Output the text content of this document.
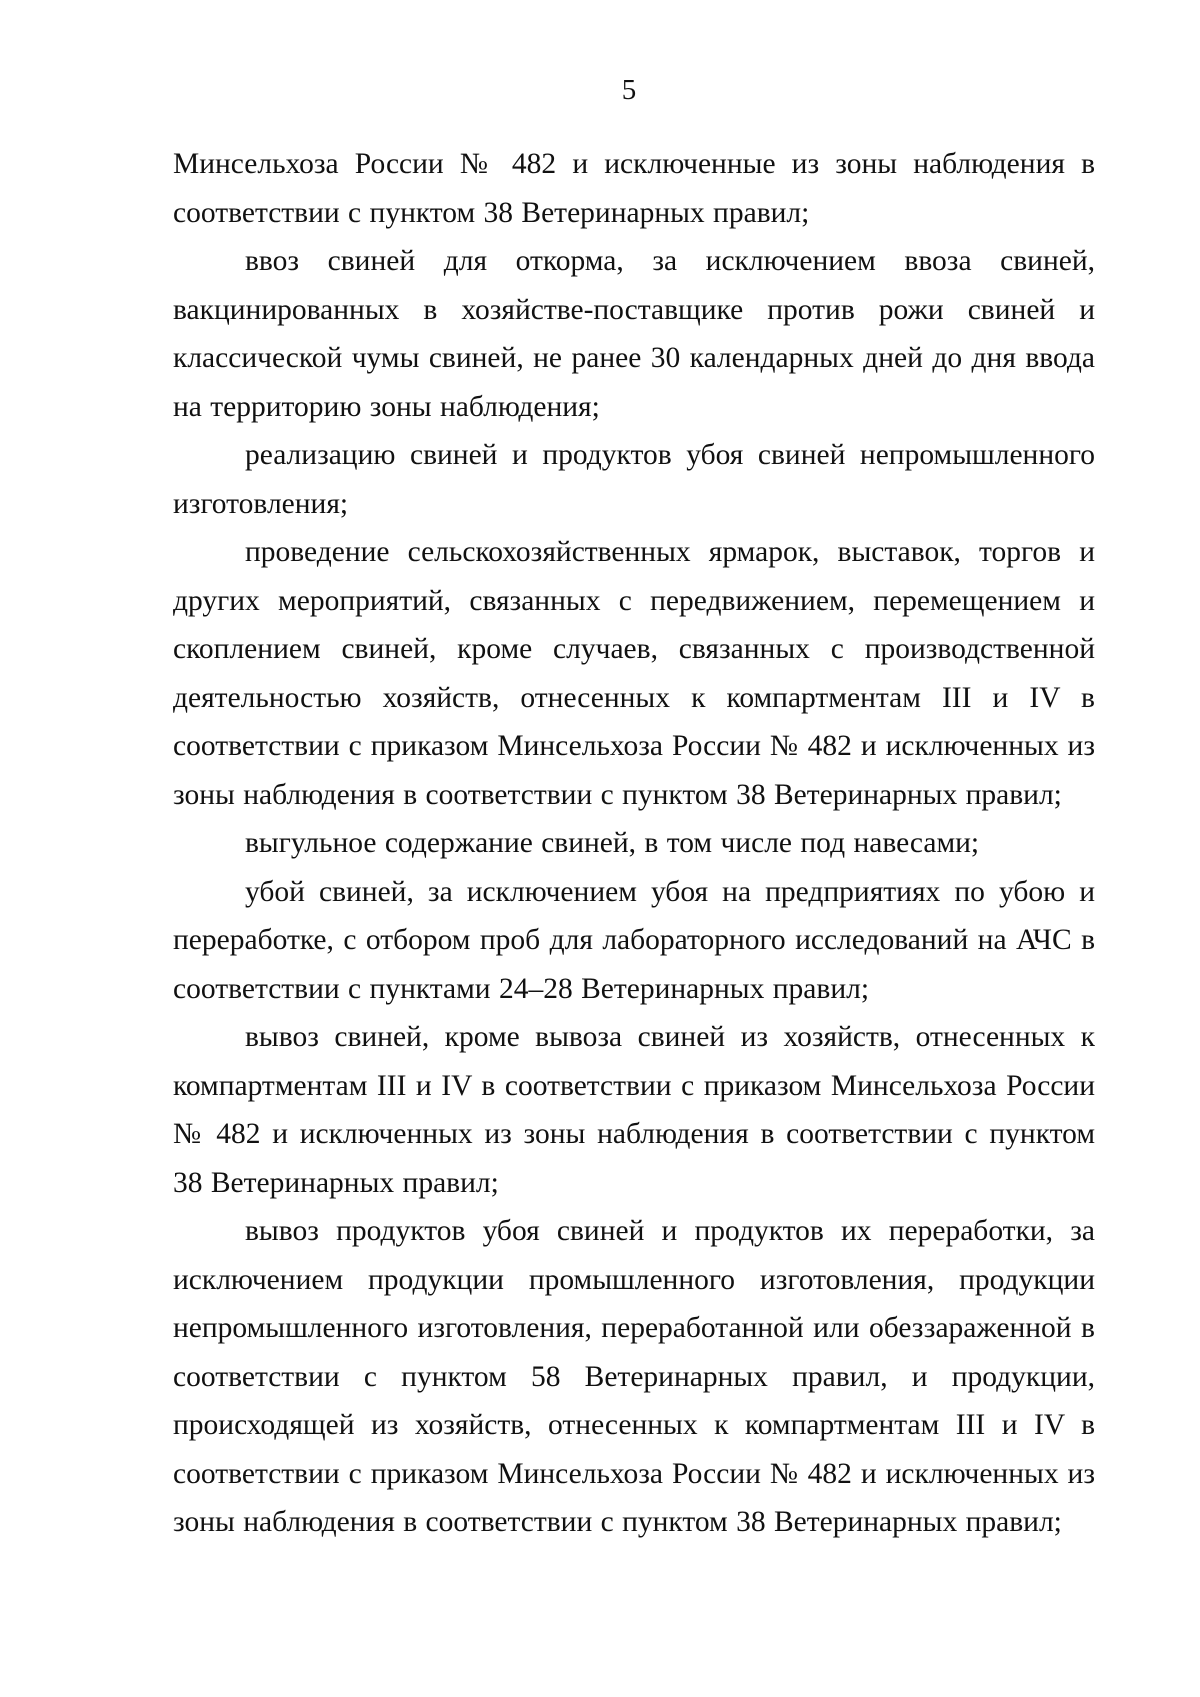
5

Минсельхоза России № 482 и исключенные из зоны наблюдения в соответствии с пунктом 38 Ветеринарных правил;

ввоз свиней для откорма, за исключением ввоза свиней, вакцинированных в хозяйстве-поставщике против рожи свиней и классической чумы свиней, не ранее 30 календарных дней до дня ввода на территорию зоны наблюдения;

реализацию свиней и продуктов убоя свиней непромышленного изготовления;

проведение сельскохозяйственных ярмарок, выставок, торгов и других мероприятий, связанных с передвижением, перемещением и скоплением свиней, кроме случаев, связанных с производственной деятельностью хозяйств, отнесенных к компартментам III и IV в соответствии с приказом Минсельхоза России № 482 и исключенных из зоны наблюдения в соответствии с пунктом 38 Ветеринарных правил;

выгульное содержание свиней, в том числе под навесами;

убой свиней, за исключением убоя на предприятиях по убою и переработке, с отбором проб для лабораторного исследований на АЧС в соответствии с пунктами 24–28 Ветеринарных правил;

вывоз свиней, кроме вывоза свиней из хозяйств, отнесенных к компартментам III и IV в соответствии с приказом Минсельхоза России № 482 и исключенных из зоны наблюдения в соответствии с пунктом 38 Ветеринарных правил;

вывоз продуктов убоя свиней и продуктов их переработки, за исключением продукции промышленного изготовления, продукции непромышленного изготовления, переработанной или обеззараженной в соответствии с пунктом 58 Ветеринарных правил, и продукции, происходящей из хозяйств, отнесенных к компартментам III и IV в соответствии с приказом Минсельхоза России № 482 и исключенных из зоны наблюдения в соответствии с пунктом 38 Ветеринарных правил;
